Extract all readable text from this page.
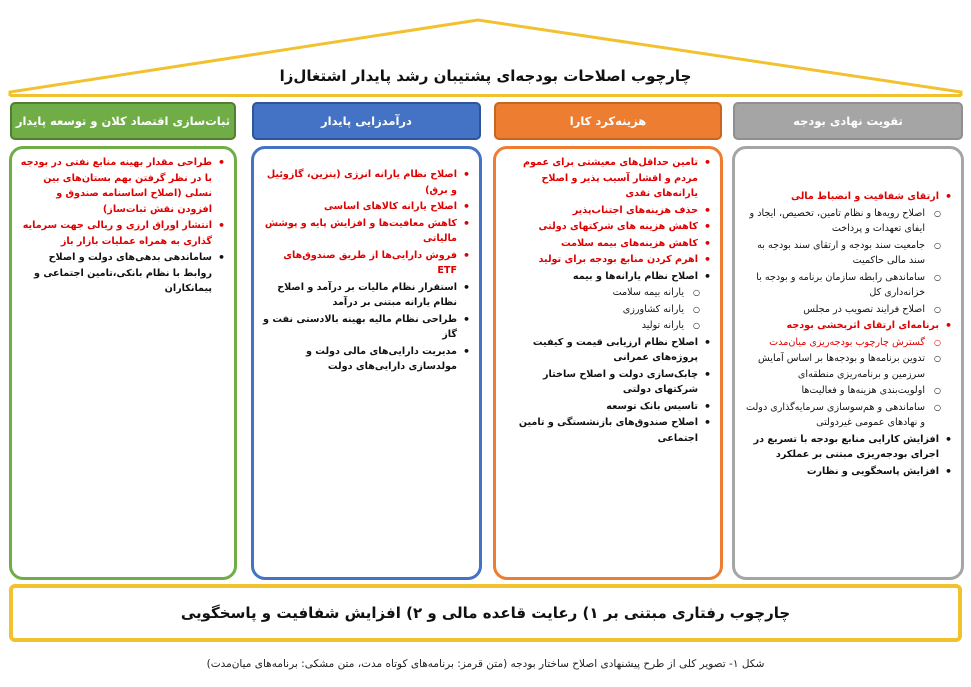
چارچوب اصلاحات بودجه‌ای پشتیبان رشد پایدار اشتغال‌زا
تقویت نهادی بودجه
هزینه‌کرد کارا
درآمدزایی پایدار
ثبات‌سازی اقتصاد کلان و توسعه پایدار
• ارتقای شفافیت و انضباط مالی
○ اصلاح رویه‌ها و نظام تامین، تخصیص، ایجاد و ایفای تعهدات و پرداخت
○ جامعیت سند بودجه و ارتقای سند بودجه به سند مالی حاکمیت
○ ساماندهی رابطه سازمان برنامه و بودجه با خزانه‌داری کل
○ اصلاح فرایند تصویب در مجلس
• برنامه‌ای ارتقای اثربخشی بودجه
○ گسترش چارچوب بودجه‌ریزی میان‌مدت
○ تدوین برنامه‌ها و بودجه‌ها بر اساس آمایش سرزمین و برنامه‌ریزی منطقه‌ای
○ اولویت‌بندی هزینه‌ها و فعالیت‌ها
○ ساماندهی و هم‌سوسازی سرمایه‌گذاری دولت و نهادهای عمومی غیردولتی
• افزایش کارایی منابع بودجه با تسریع در اجرای بودجه‌ریزی مبتنی بر عملکرد
• افزایش پاسخگویی و نظارت
• تامین حداقل‌های معیشتی برای عموم مردم و اقشار آسیب پذیر و اصلاح یارانه‌های نقدی
• حذف هزینه‌های اجتناب‌پذیر
• کاهش هزینه های شرکتهای دولتی
• کاهش هزینه‌های بیمه سلامت
• اهرم کردن منابع بودجه برای تولید
• اصلاح نظام یارانه‌ها و بیمه
○ یارانه بیمه سلامت
○ یارانه کشاورزی
○ یارانه تولید
• اصلاح نظام ارزیابی قیمت و کیفیت پروژه‌های عمرانی
• چابک‌سازی دولت و اصلاح ساختار شرکتهای دولتی
• تاسیس بانک توسعه
• اصلاح صندوق‌های بازنشستگی و تامین اجتماعی
• اصلاح نظام یارانه انرژی (بنزین، گازوئیل و برق)
• اصلاح یارانه کالاهای اساسی
• کاهش معافیت‌ها و افزایش پایه و پوشش مالیاتی
• فروش دارایی‌ها از طریق صندوق‌های ETF
• استقرار نظام مالیات بر درآمد و اصلاح نظام یارانه مبتنی بر درآمد
• طراحی نظام مالیه بهینه بالادستی نفت و گاز
• مدیریت دارایی‌های مالی دولت و مولدسازی دارایی‌های دولت
• طراحی مقدار بهینه منابع نفتی در بودجه با در نظر گرفتن بهم بستان‌های بین نسلی (اصلاح اساسنامه صندوق و افزودن نقش ثبات‌ساز)
• انتشار اوراق ارزی و ریالی جهت سرمایه گذاری به همراه عملیات بازار باز
• ساماندهی بدهی‌های دولت و اصلاح روابط با نظام بانکی،تامین اجتماعی و پیمانکاران
چارچوب رفتاری مبتنی بر ۱) رعایت قاعده مالی و ۲) افزایش شفافیت و پاسخگویی
شکل ۱- تصویر کلی از طرح پیشنهادی اصلاح ساختار بودجه (متن قرمز: برنامه‌های کوتاه مدت، متن مشکی: برنامه‌های میان‌مدت)
